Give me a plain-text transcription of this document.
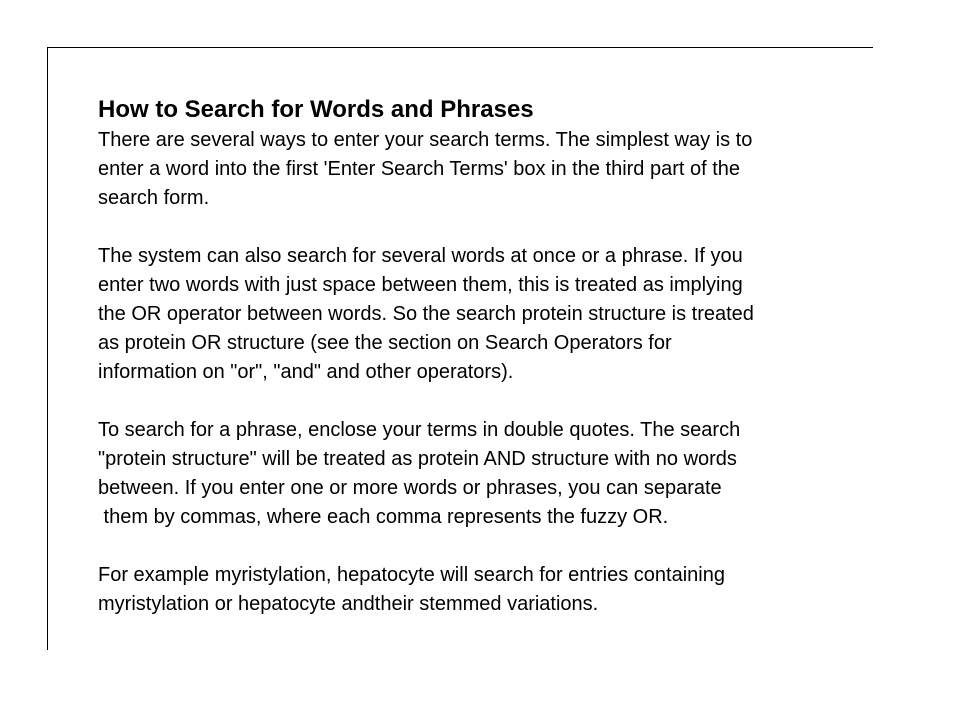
How to Search for Words and Phrases

There are several ways to enter your search terms. The simplest way is to
enter a word into the first 'Enter Search Terms' box in the third part of the
search form.

The system can also search for several words at once or a phrase. If you
enter two words with just space between them, this is treated as implying
the OR operator between words. So the search protein structure is treated
as protein OR structure (see the section on Search Operators for
information on "or", "and" and other operators).

To search for a phrase, enclose your terms in double quotes. The search
"protein structure" will be treated as protein AND structure with no words
between. If you enter one or more words or phrases, you can separate
them by commas, where each comma represents the fuzzy OR.

For example myristylation, hepatocyte will search for entries containing
myristylation or hepatocyte andtheir stemmed variations.
